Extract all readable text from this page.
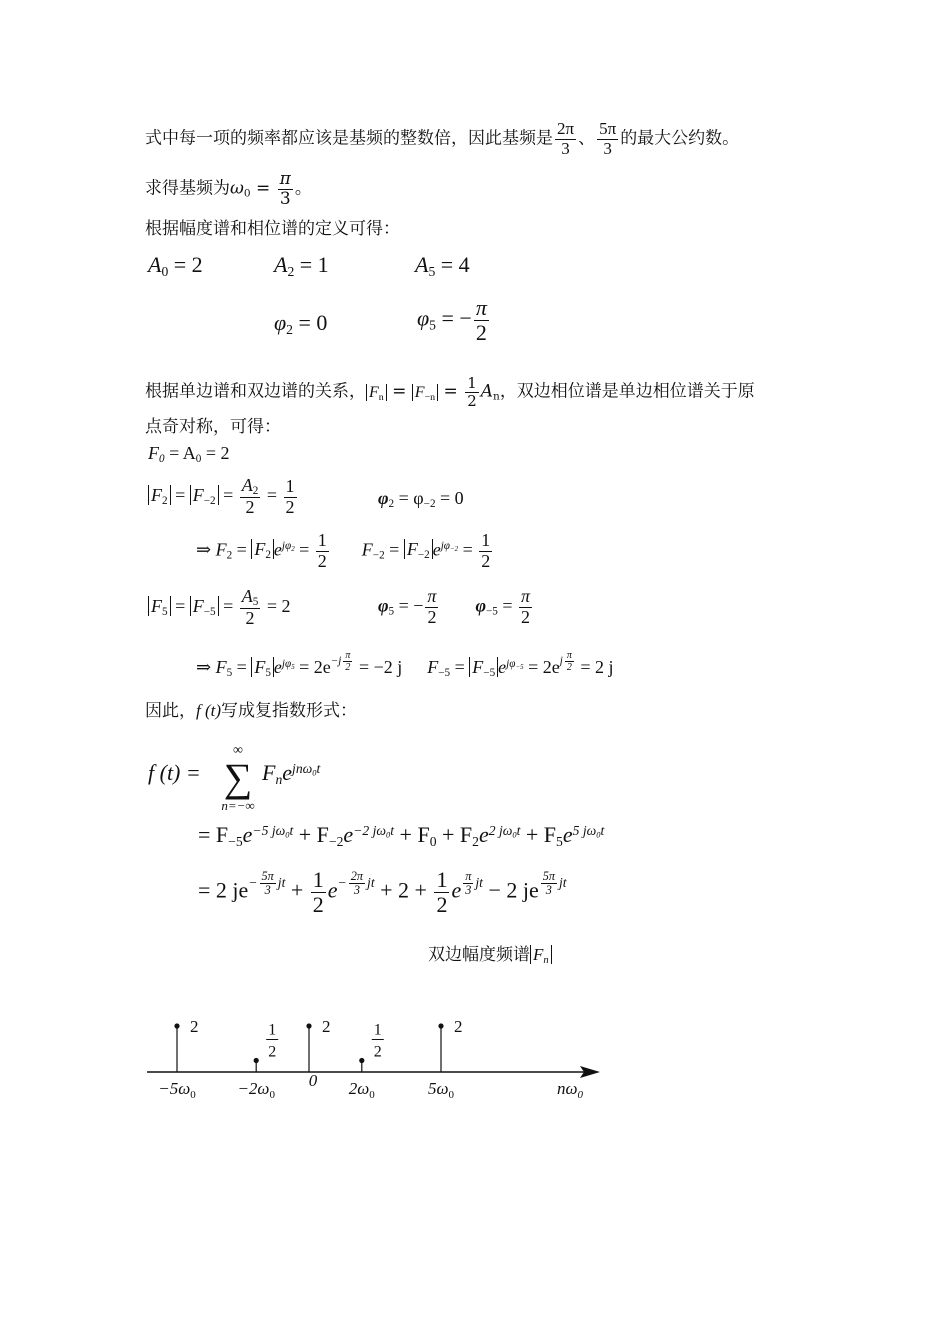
式中每一项的频率都应该是基频的整数倍，因此基频是 $\frac{2\pi}{3}$ 、 $\frac{5\pi}{3}$ 的最大公约数。
求得基频为$\omega_0 = \frac{\pi}{3}$ 。
根据幅度谱和相位谱的定义可得：
$A_0 = 2$	$A_2 = 1$	$A_5 = 4$
$\varphi_2 = 0$	$\varphi_5$ = − $\frac{\pi}{2}$
根据单边谱和双边谱的关系， $F_n = F_{-n} = \frac{1}{2} A_n$，双边相位谱是单边相位谱关于原
点奇对称，可得：
$F_0 = A_0 = 2$
$F_2 = F_{-2} = \frac{A_2}{2} = \frac{1}{2}$	$\varphi_2 = \varphi_{-2} = 0$
⇒ $F_2 = F_2$ $e^{j\varphi_2} = \frac{1}{2} F_{-2} = F_{-2}$ $e^{j\varphi_{-2}} = \frac{1}{2}$
$F_5 = F_{-5} = \frac{A_5}{2} = 2$	$\varphi_5$ = − $\frac{\pi}{2} \varphi_{-5} = \frac{\pi}{2}$
⇒ $F_5 = F_5$ $e^{j\varphi_5} = 2e-j \frac{\pi}{2} = -2$ j $F_{-5} = F_{-5}$ $e^{j\varphi_{-5}} = 2ej \frac{\pi}{2} = 2$ j
因此，f (t)写成复指数形式：
f (t) =
∞
∑
n=−∞
$F_ne^{jn\omega_0t}$
= $F_{-5}e^{-5 j\omega_0t} + F_{-2}e^{-2 j\omega_0t} + F_0 + F_2e^{2 j\omega_0t} + F_5e^{5 j\omega_0t}$
= 2 $je- \frac{5\pi}{3}$ jt + $\frac{1}{2} e- \frac{2\pi}{3}$ jt + $2 + \frac{1}{2}$ e $\frac{\pi}{3}$ jt − 2 je $\frac{5\pi}{3}$ jt
双边幅度频谱 $F_n$
2
$-5\omega_0$
1
2
$-2\omega_0$
2
0
1
2
$2\omega_0$
2
$5\omega_0$	$n\omega_0$
